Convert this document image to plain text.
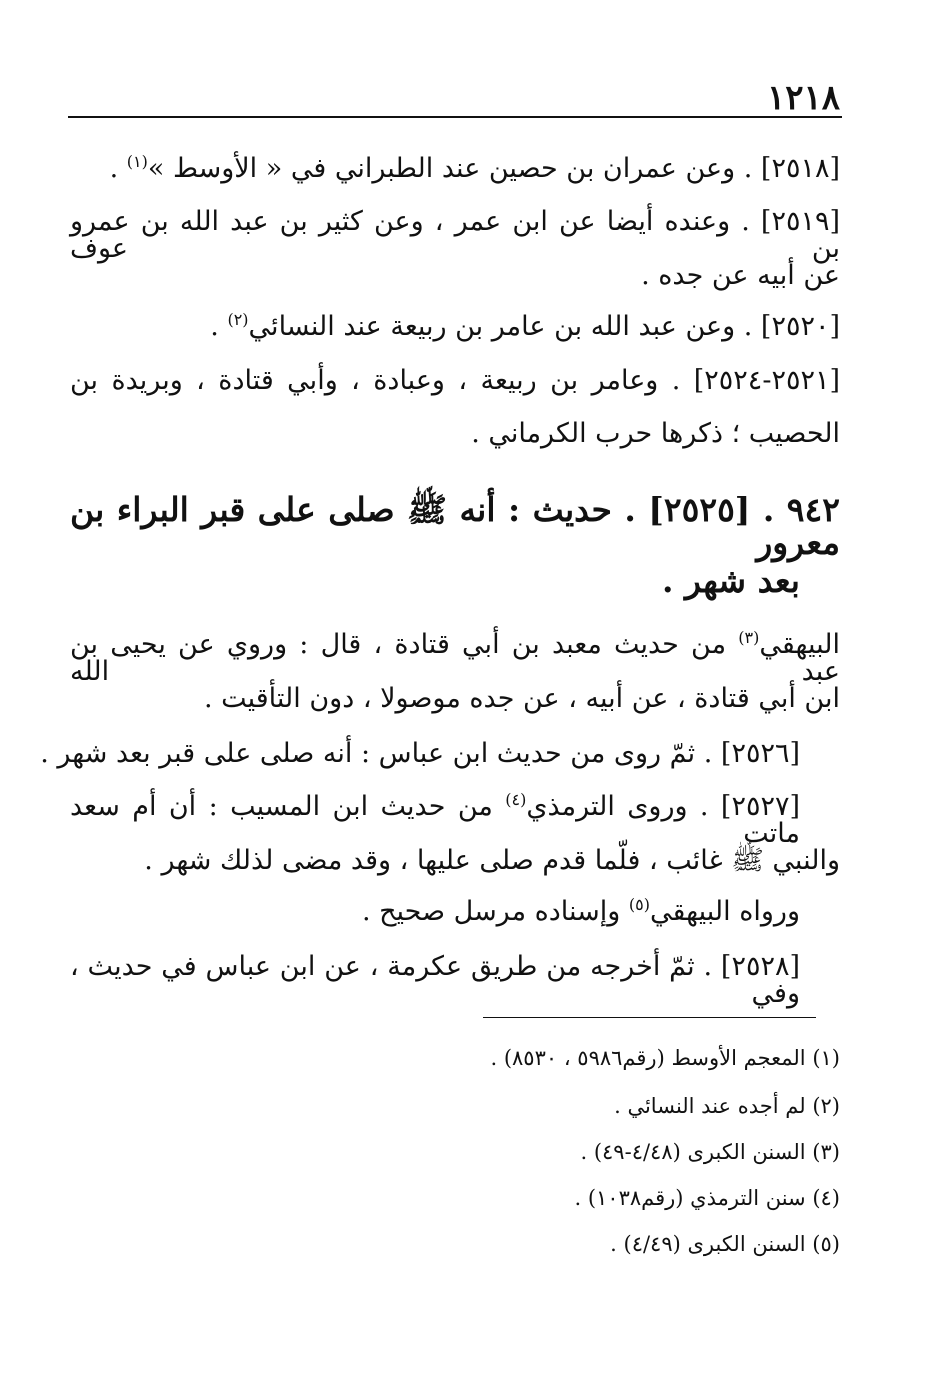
١٢١٨
[٢٥١٨] . وعن عمران بن حصين عند الطبراني في « الأوسط »$^{(١)}$ .
[٢٥١٩] . وعنده أيضا عن ابن عمر ، وعن كثير بن عبد الله بن عمرو بن عوف
عن أبيه عن جده .
[٢٥٢٠] . وعن عبد الله بن عامر بن ربيعة عند النسائي$^{(٢)}$ .
[٢٥٢١-٢٥٢٤] . وعامر بن ربيعة ، وعبادة ، وأبي قتادة ، وبريدة بن
الحصيب ؛ ذكرها حرب الكرماني .
٩٤٢ . [٢٥٢٥] . حديث : أنه ﷺ صلى على قبر البراء بن معرور
بعد شهر .
البيهقي$^{(٣)}$ من حديث معبد بن أبي قتادة ، قال : وروي عن يحيى بن عبد الله
ابن أبي قتادة ، عن أبيه ، عن جده موصولا ، دون التأقيت .
[٢٥٢٦] . ثمّ روى من حديث ابن عباس : أنه صلى على قبر بعد شهر .
[٢٥٢٧] . وروى الترمذي$^{(٤)}$ من حديث ابن المسيب : أن أم سعد ماتت
والنبي ﷺ غائب ، فلّما قدم صلى عليها ، وقد مضى لذلك شهر .
ورواه البيهقي$^{(٥)}$ وإسناده مرسل صحيح .
[٢٥٢٨] . ثمّ أخرجه من طريق عكرمة ، عن ابن عباس في حديث ، وفي
(١) المعجم الأوسط (رقم٥٩٨٦ ، ٨٥٣٠) .
(٢) لم أجده عند النسائي .
(٣) السنن الكبرى (٤/٤٨-٤٩) .
(٤) سنن الترمذي (رقم١٠٣٨) .
(٥) السنن الكبرى (٤/٤٩) .
